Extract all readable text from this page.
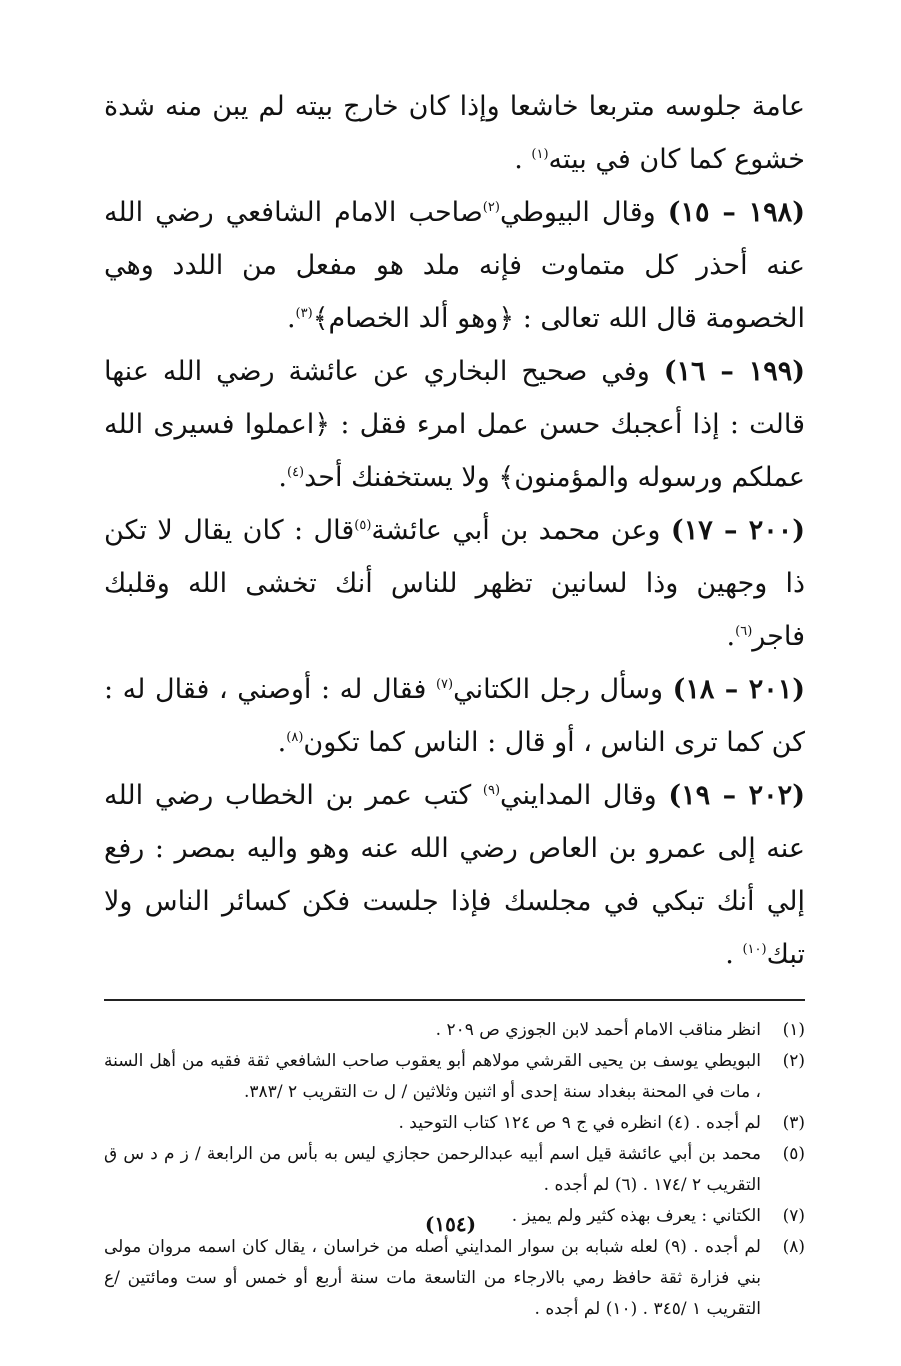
عامة جلوسه متربعا خاشعا وإذا كان خارج بيته لم يبن منه شدة خشوع كما كان في بيته$^{(١)}$ .

(١٩٨ – ١٥) وقال البيوطي$^{(٢)}$صاحب الامام الشافعي رضي الله عنه أحذر كل متماوت فإنه ملد هو مفعل من اللدد وهي الخصومة قال الله تعالى : ﴿وهو ألد الخصام﴾$^{(٣)}$.

(١٩٩ – ١٦) وفي صحيح البخاري عن عائشة رضي الله عنها قالت : إذا أعجبك حسن عمل امرء فقل : ﴿اعملوا فسيرى الله عملكم ورسوله والمؤمنون﴾ ولا يستخفنك أحد$^{(٤)}$.

(٢٠٠ – ١٧) وعن محمد بن أبي عائشة$^{(٥)}$قال : كان يقال لا تكن ذا وجهين وذا لسانين تظهر للناس أنك تخشى الله وقلبك فاجر$^{(٦)}$.

(٢٠١ – ١٨) وسأل رجل الكتاني$^{(٧)}$ فقال له : أوصني ، فقال له : كن كما ترى الناس ، أو قال : الناس كما تكون$^{(٨)}$.

(٢٠٢ – ١٩) وقال المدايني$^{(٩)}$ كتب عمر بن الخطاب رضي الله عنه إلى عمرو بن العاص رضي الله عنه وهو واليه بمصر : رفع إلي أنك تبكي في مجلسك فإذا جلست فكن كسائر الناس ولا تبك$^{(١٠)}$ .

(١)
انظر مناقب الامام أحمد لابن الجوزي ص ٢٠٩ .
(٢)
البويطي يوسف بن يحيى القرشي مولاهم أبو يعقوب صاحب الشافعي ثقة فقيه من أهل السنة ، مات في المحنة ببغداد سنة إحدى أو اثنين وثلاثين / ل ت التقريب ٢ /٣٨٣.
(٣)
لم أجده . (٤) انظره في ج ٩ ص ١٢٤ كتاب التوحيد .
(٥)
محمد بن أبي عائشة قيل اسم أبيه عبدالرحمن حجازي ليس به بأس من الرابعة / ز م د س ق التقريب ٢ /١٧٤ . (٦) لم أجده .
(٧)
الكتاني : يعرف بهذه كثير ولم يميز .
(٨)
لم أجده . (٩) لعله شبابه بن سوار المدايني أصله من خراسان ، يقال كان اسمه مروان مولى بني فزارة ثقة حافظ رمي بالارجاء من التاسعة مات سنة أربع أو خمس أو ست ومائتين /ع التقريب ١ /٣٤٥ . (١٠) لم أجده .
(١٥٤)
